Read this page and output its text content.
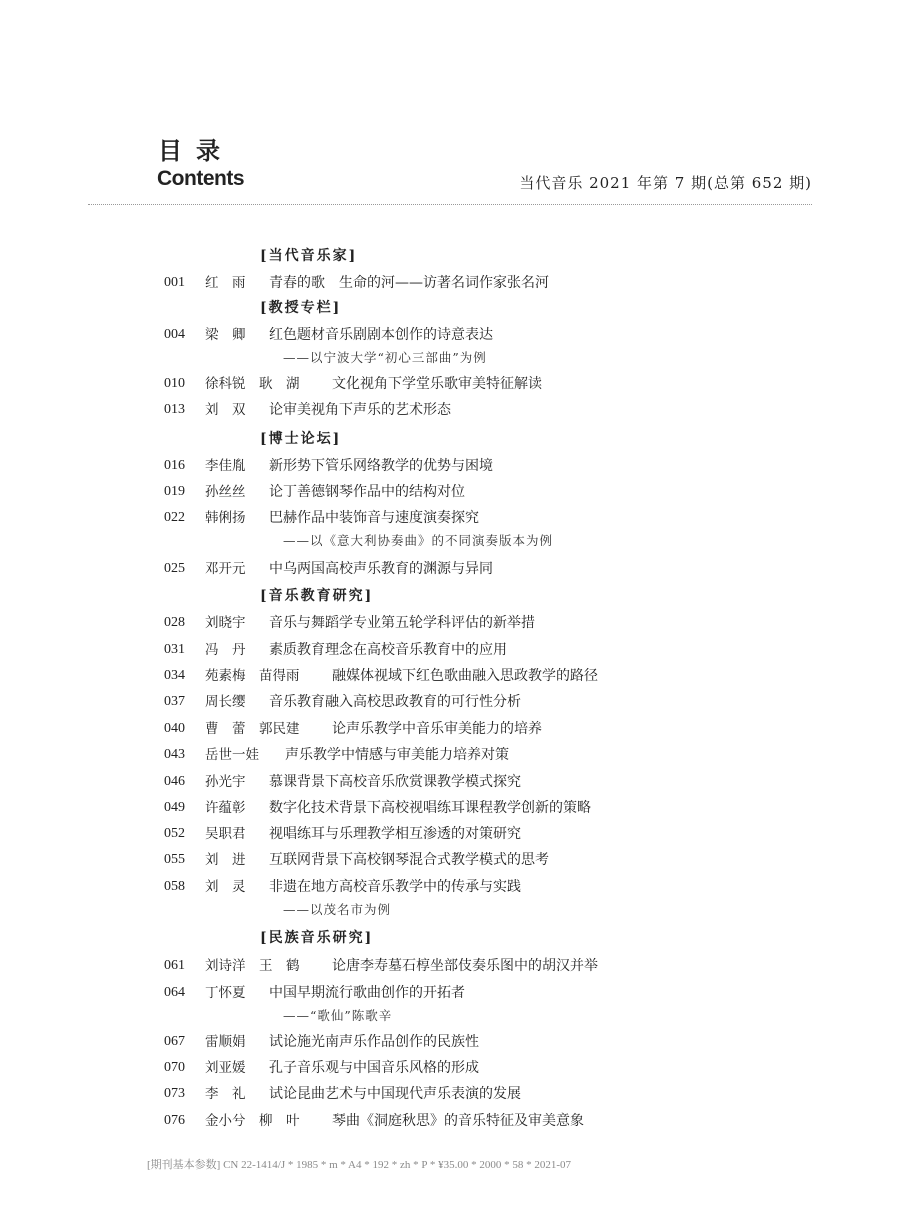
目录
Contents	当代音乐 2021 年第 7 期(总第 652 期)
[当代音乐家]
001 红　雨 青春的歌　生命的河——访著名词作家张名河
[教授专栏]
004 梁　卿 红色题材音乐剧剧本创作的诗意表达
——以宁波大学“初心三部曲”为例
010 徐科锐　耿　湖 文化视角下学堂乐歌审美特征解读
013 刘　双 论审美视角下声乐的艺术形态
[博士论坛]
016 李佳胤 新形势下管乐网络教学的优势与困境
019 孙丝丝 论丁善德钢琴作品中的结构对位
022 韩俐扬 巴赫作品中装饰音与速度演奏探究
——以《意大利协奏曲》的不同演奏版本为例
025 邓开元 中乌两国高校声乐教育的渊源与异同
[音乐教育研究]
028 刘晓宇 音乐与舞蹈学专业第五轮学科评估的新举措
031 冯　丹 素质教育理念在高校音乐教育中的应用
034 苑素梅　苗得雨 融媒体视域下红色歌曲融入思政教学的路径
037 周长缨 音乐教育融入高校思政教育的可行性分析
040 曹　蕾　郭民建 论声乐教学中音乐审美能力的培养
043 岳世一娃 声乐教学中情感与审美能力培养对策
046 孙光宇 慕课背景下高校音乐欣赏课教学模式探究
049 许蕴彰 数字化技术背景下高校视唱练耳课程教学创新的策略
052 吴职君 视唱练耳与乐理教学相互渗透的对策研究
055 刘　进 互联网背景下高校钢琴混合式教学模式的思考
058 刘　灵 非遗在地方高校音乐教学中的传承与实践
——以茂名市为例
[民族音乐研究]
061 刘诗洋　王　鹤 论唐李寿墓石椁坐部伎奏乐图中的胡汉并举
064 丁怀夏 中国早期流行歌曲创作的开拓者
——“歌仙”陈歌辛
067 雷顺娟 试论施光南声乐作品创作的民族性
070 刘亚媛 孔子音乐观与中国音乐风格的形成
073 李　礼 试论昆曲艺术与中国现代声乐表演的发展
076 金小兮　柳　叶 琴曲《洞庭秋思》的音乐特征及审美意象
[期刊基本参数] CN 22-1414/J * 1985 * m * A4 * 192 * zh * P * ¥35.00 * 2000 * 58 * 2021-07
